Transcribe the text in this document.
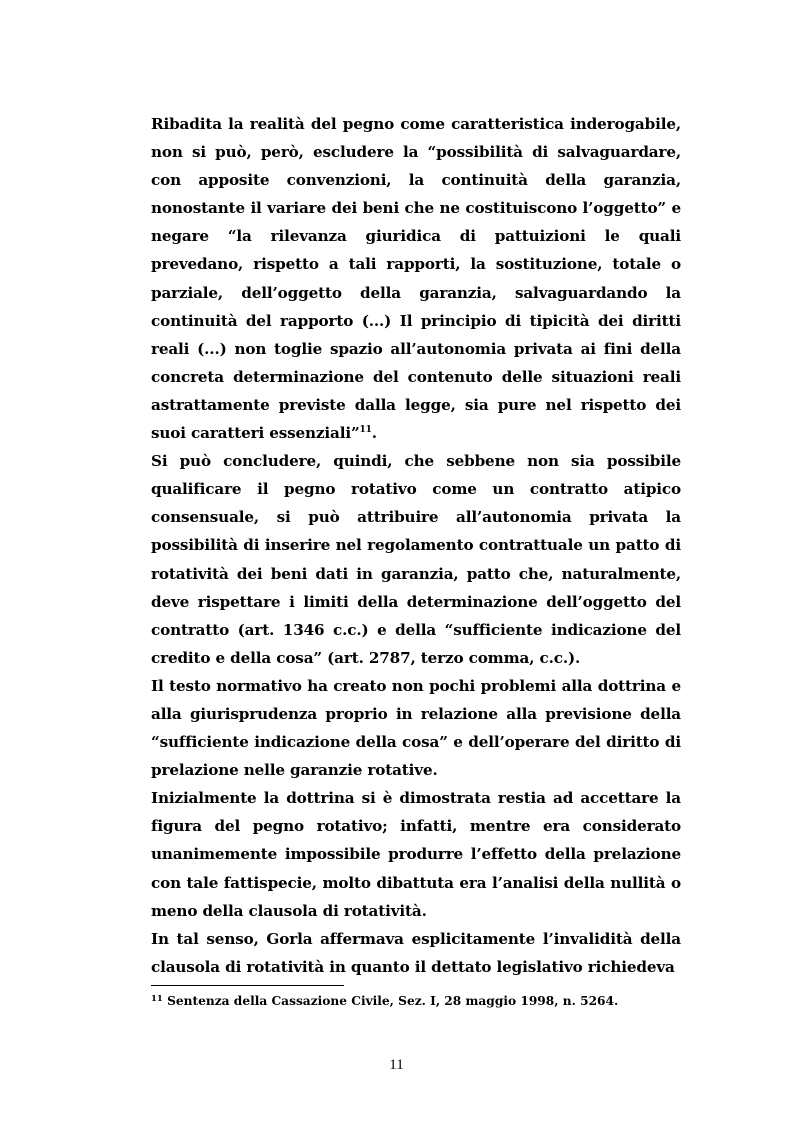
Ribadita la realità del pegno come caratteristica inderogabile, non si può, però, escludere la “possibilità di salvaguardare, con apposite convenzioni, la continuità della garanzia, nonostante il variare dei beni che ne costituiscono l’oggetto” e negare “la rilevanza giuridica di pattuizioni le quali prevedano, rispetto a tali rapporti, la sostituzione, totale o parziale, dell’oggetto della garanzia, salvaguardando la continuità del rapporto (...) Il principio di tipicità dei diritti reali (...) non toglie spazio all’autonomia privata ai fini della concreta determinazione del contenuto delle situazioni reali astrattamente previste dalla legge, sia pure nel rispetto dei suoi caratteri essenziali”$^{11}$.

Si può concludere, quindi, che sebbene non sia possibile qualificare il pegno rotativo come un contratto atipico consensuale, si può attribuire all’autonomia privata la possibilità di inserire nel regolamento contrattuale un patto di rotatività dei beni dati in garanzia, patto che, naturalmente, deve rispettare i limiti della determinazione dell’oggetto del contratto (art. 1346 c.c.) e della “sufficiente indicazione del credito e della cosa” (art. 2787, terzo comma, c.c.).

Il testo normativo ha creato non pochi problemi alla dottrina e alla giurisprudenza proprio in relazione alla previsione della “sufficiente indicazione della cosa” e dell’operare del diritto di prelazione nelle garanzie rotative.

Inizialmente la dottrina si è dimostrata restia ad accettare la figura del pegno rotativo; infatti, mentre era considerato unanimemente impossibile produrre l’effetto della prelazione con tale fattispecie, molto dibattuta era l’analisi della nullità o meno della clausola di rotatività.

In tal senso, Gorla affermava esplicitamente l’invalidità della clausola di rotatività in quanto il dettato legislativo richiedeva

$^{11}$ Sentenza della Cassazione Civile, Sez. I, 28 maggio 1998, n. 5264.
11
